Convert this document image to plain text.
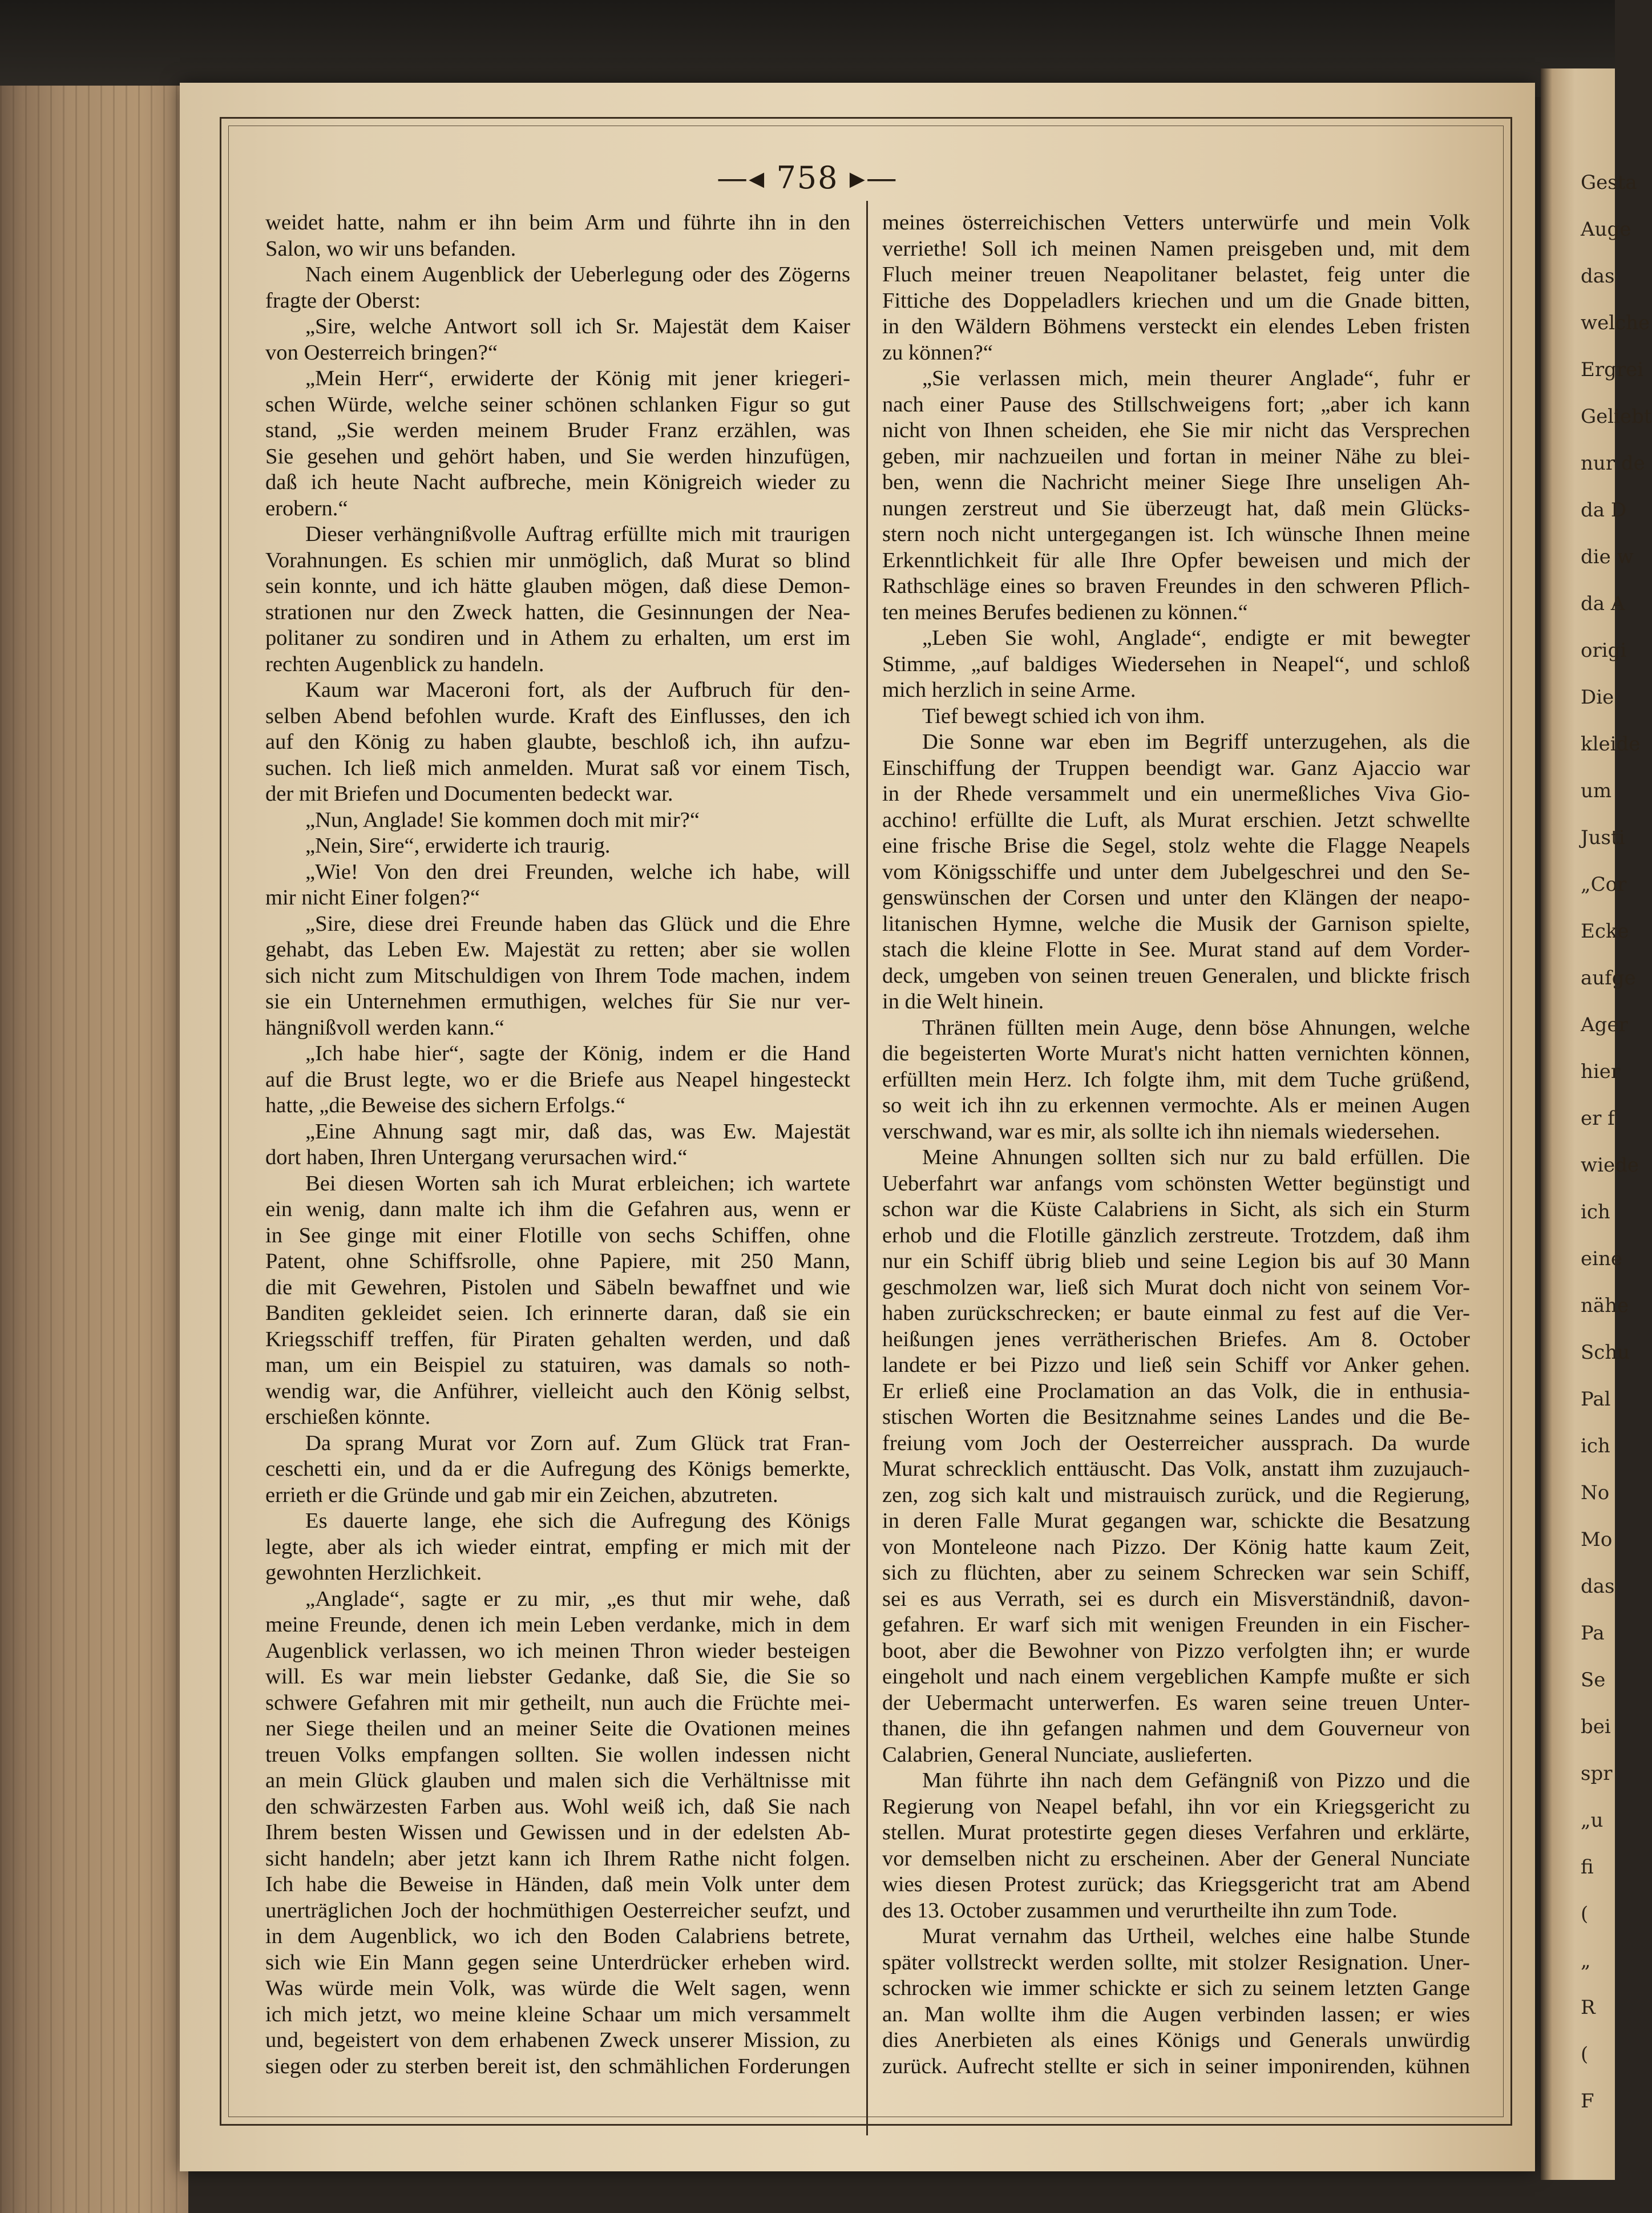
Gesta
Auge
das
welche
Ergrei
Geliebt
nur de
da D
die w
da A
origi
Die
kleide
um
Justi
„Cor
Ecke
aufge
Ager
hier
er f
wiede
ich
eine
nähe
Schu
Pal
ich
No
Mo
das
Pa
Se
bei
spr
„u
fi
(
„
R
(
F
—◂ 758 ▸—

weidet hatte, nahm er ihn beim Arm und führte ihn in den

Salon, wo wir uns befanden.

Nach einem Augenblick der Ueberlegung oder des Zögerns

fragte der Oberst:

„Sire, welche Antwort soll ich Sr. Majestät dem Kaiser

von Oesterreich bringen?“

„Mein Herr“, erwiderte der König mit jener kriegeri-

schen Würde, welche seiner schönen schlanken Figur so gut

stand, „Sie werden meinem Bruder Franz erzählen, was

Sie gesehen und gehört haben, und Sie werden hinzufügen,

daß ich heute Nacht aufbreche, mein Königreich wieder zu

erobern.“

Dieser verhängnißvolle Auftrag erfüllte mich mit traurigen

Vorahnungen. Es schien mir unmöglich, daß Murat so blind

sein konnte, und ich hätte glauben mögen, daß diese Demon-

strationen nur den Zweck hatten, die Gesinnungen der Nea-

politaner zu sondiren und in Athem zu erhalten, um erst im

rechten Augenblick zu handeln.

Kaum war Maceroni fort, als der Aufbruch für den-

selben Abend befohlen wurde. Kraft des Einflusses, den ich

auf den König zu haben glaubte, beschloß ich, ihn aufzu-

suchen. Ich ließ mich anmelden. Murat saß vor einem Tisch,

der mit Briefen und Documenten bedeckt war.

„Nun, Anglade! Sie kommen doch mit mir?“

„Nein, Sire“, erwiderte ich traurig.

„Wie! Von den drei Freunden, welche ich habe, will

mir nicht Einer folgen?“

„Sire, diese drei Freunde haben das Glück und die Ehre

gehabt, das Leben Ew. Majestät zu retten; aber sie wollen

sich nicht zum Mitschuldigen von Ihrem Tode machen, indem

sie ein Unternehmen ermuthigen, welches für Sie nur ver-

hängnißvoll werden kann.“

„Ich habe hier“, sagte der König, indem er die Hand

auf die Brust legte, wo er die Briefe aus Neapel hingesteckt

hatte, „die Beweise des sichern Erfolgs.“

„Eine Ahnung sagt mir, daß das, was Ew. Majestät

dort haben, Ihren Untergang verursachen wird.“

Bei diesen Worten sah ich Murat erbleichen; ich wartete

ein wenig, dann malte ich ihm die Gefahren aus, wenn er

in See ginge mit einer Flotille von sechs Schiffen, ohne

Patent, ohne Schiffsrolle, ohne Papiere, mit 250 Mann,

die mit Gewehren, Pistolen und Säbeln bewaffnet und wie

Banditen gekleidet seien. Ich erinnerte daran, daß sie ein

Kriegsschiff treffen, für Piraten gehalten werden, und daß

man, um ein Beispiel zu statuiren, was damals so noth-

wendig war, die Anführer, vielleicht auch den König selbst,

erschießen könnte.

Da sprang Murat vor Zorn auf. Zum Glück trat Fran-

ceschetti ein, und da er die Aufregung des Königs bemerkte,

errieth er die Gründe und gab mir ein Zeichen, abzutreten.

Es dauerte lange, ehe sich die Aufregung des Königs

legte, aber als ich wieder eintrat, empfing er mich mit der

gewohnten Herzlichkeit.

„Anglade“, sagte er zu mir, „es thut mir wehe, daß

meine Freunde, denen ich mein Leben verdanke, mich in dem

Augenblick verlassen, wo ich meinen Thron wieder besteigen

will. Es war mein liebster Gedanke, daß Sie, die Sie so

schwere Gefahren mit mir getheilt, nun auch die Früchte mei-

ner Siege theilen und an meiner Seite die Ovationen meines

treuen Volks empfangen sollten. Sie wollen indessen nicht

an mein Glück glauben und malen sich die Verhältnisse mit

den schwärzesten Farben aus. Wohl weiß ich, daß Sie nach

Ihrem besten Wissen und Gewissen und in der edelsten Ab-

sicht handeln; aber jetzt kann ich Ihrem Rathe nicht folgen.

Ich habe die Beweise in Händen, daß mein Volk unter dem

unerträglichen Joch der hochmüthigen Oesterreicher seufzt, und

in dem Augenblick, wo ich den Boden Calabriens betrete,

sich wie Ein Mann gegen seine Unterdrücker erheben wird.

Was würde mein Volk, was würde die Welt sagen, wenn

ich mich jetzt, wo meine kleine Schaar um mich versammelt

und, begeistert von dem erhabenen Zweck unserer Mission, zu

siegen oder zu sterben bereit ist, den schmählichen Forderungen

meines österreichischen Vetters unterwürfe und mein Volk

verriethe! Soll ich meinen Namen preisgeben und, mit dem

Fluch meiner treuen Neapolitaner belastet, feig unter die

Fittiche des Doppeladlers kriechen und um die Gnade bitten,

in den Wäldern Böhmens versteckt ein elendes Leben fristen

zu können?“

„Sie verlassen mich, mein theurer Anglade“, fuhr er

nach einer Pause des Stillschweigens fort; „aber ich kann

nicht von Ihnen scheiden, ehe Sie mir nicht das Versprechen

geben, mir nachzueilen und fortan in meiner Nähe zu blei-

ben, wenn die Nachricht meiner Siege Ihre unseligen Ah-

nungen zerstreut und Sie überzeugt hat, daß mein Glücks-

stern noch nicht untergegangen ist. Ich wünsche Ihnen meine

Erkenntlichkeit für alle Ihre Opfer beweisen und mich der

Rathschläge eines so braven Freundes in den schweren Pflich-

ten meines Berufes bedienen zu können.“

„Leben Sie wohl, Anglade“, endigte er mit bewegter

Stimme, „auf baldiges Wiedersehen in Neapel“, und schloß

mich herzlich in seine Arme.

Tief bewegt schied ich von ihm.

Die Sonne war eben im Begriff unterzugehen, als die

Einschiffung der Truppen beendigt war. Ganz Ajaccio war

in der Rhede versammelt und ein unermeßliches Viva Gio-

acchino! erfüllte die Luft, als Murat erschien. Jetzt schwellte

eine frische Brise die Segel, stolz wehte die Flagge Neapels

vom Königsschiffe und unter dem Jubelgeschrei und den Se-

genswünschen der Corsen und unter den Klängen der neapo-

litanischen Hymne, welche die Musik der Garnison spielte,

stach die kleine Flotte in See. Murat stand auf dem Vorder-

deck, umgeben von seinen treuen Generalen, und blickte frisch

in die Welt hinein.

Thränen füllten mein Auge, denn böse Ahnungen, welche

die begeisterten Worte Murat's nicht hatten vernichten können,

erfüllten mein Herz. Ich folgte ihm, mit dem Tuche grüßend,

so weit ich ihn zu erkennen vermochte. Als er meinen Augen

verschwand, war es mir, als sollte ich ihn niemals wiedersehen.

Meine Ahnungen sollten sich nur zu bald erfüllen. Die

Ueberfahrt war anfangs vom schönsten Wetter begünstigt und

schon war die Küste Calabriens in Sicht, als sich ein Sturm

erhob und die Flotille gänzlich zerstreute. Trotzdem, daß ihm

nur ein Schiff übrig blieb und seine Legion bis auf 30 Mann

geschmolzen war, ließ sich Murat doch nicht von seinem Vor-

haben zurückschrecken; er baute einmal zu fest auf die Ver-

heißungen jenes verrätherischen Briefes. Am 8. October

landete er bei Pizzo und ließ sein Schiff vor Anker gehen.

Er erließ eine Proclamation an das Volk, die in enthusia-

stischen Worten die Besitznahme seines Landes und die Be-

freiung vom Joch der Oesterreicher aussprach. Da wurde

Murat schrecklich enttäuscht. Das Volk, anstatt ihm zuzujauch-

zen, zog sich kalt und mistrauisch zurück, und die Regierung,

in deren Falle Murat gegangen war, schickte die Besatzung

von Monteleone nach Pizzo. Der König hatte kaum Zeit,

sich zu flüchten, aber zu seinem Schrecken war sein Schiff,

sei es aus Verrath, sei es durch ein Misverständniß, davon-

gefahren. Er warf sich mit wenigen Freunden in ein Fischer-

boot, aber die Bewohner von Pizzo verfolgten ihn; er wurde

eingeholt und nach einem vergeblichen Kampfe mußte er sich

der Uebermacht unterwerfen. Es waren seine treuen Unter-

thanen, die ihn gefangen nahmen und dem Gouverneur von

Calabrien, General Nunciate, auslieferten.

Man führte ihn nach dem Gefängniß von Pizzo und die

Regierung von Neapel befahl, ihn vor ein Kriegsgericht zu

stellen. Murat protestirte gegen dieses Verfahren und erklärte,

vor demselben nicht zu erscheinen. Aber der General Nunciate

wies diesen Protest zurück; das Kriegsgericht trat am Abend

des 13. October zusammen und verurtheilte ihn zum Tode.

Murat vernahm das Urtheil, welches eine halbe Stunde

später vollstreckt werden sollte, mit stolzer Resignation. Uner-

schrocken wie immer schickte er sich zu seinem letzten Gange

an. Man wollte ihm die Augen verbinden lassen; er wies

dies Anerbieten als eines Königs und Generals unwürdig

zurück. Aufrecht stellte er sich in seiner imponirenden, kühnen
